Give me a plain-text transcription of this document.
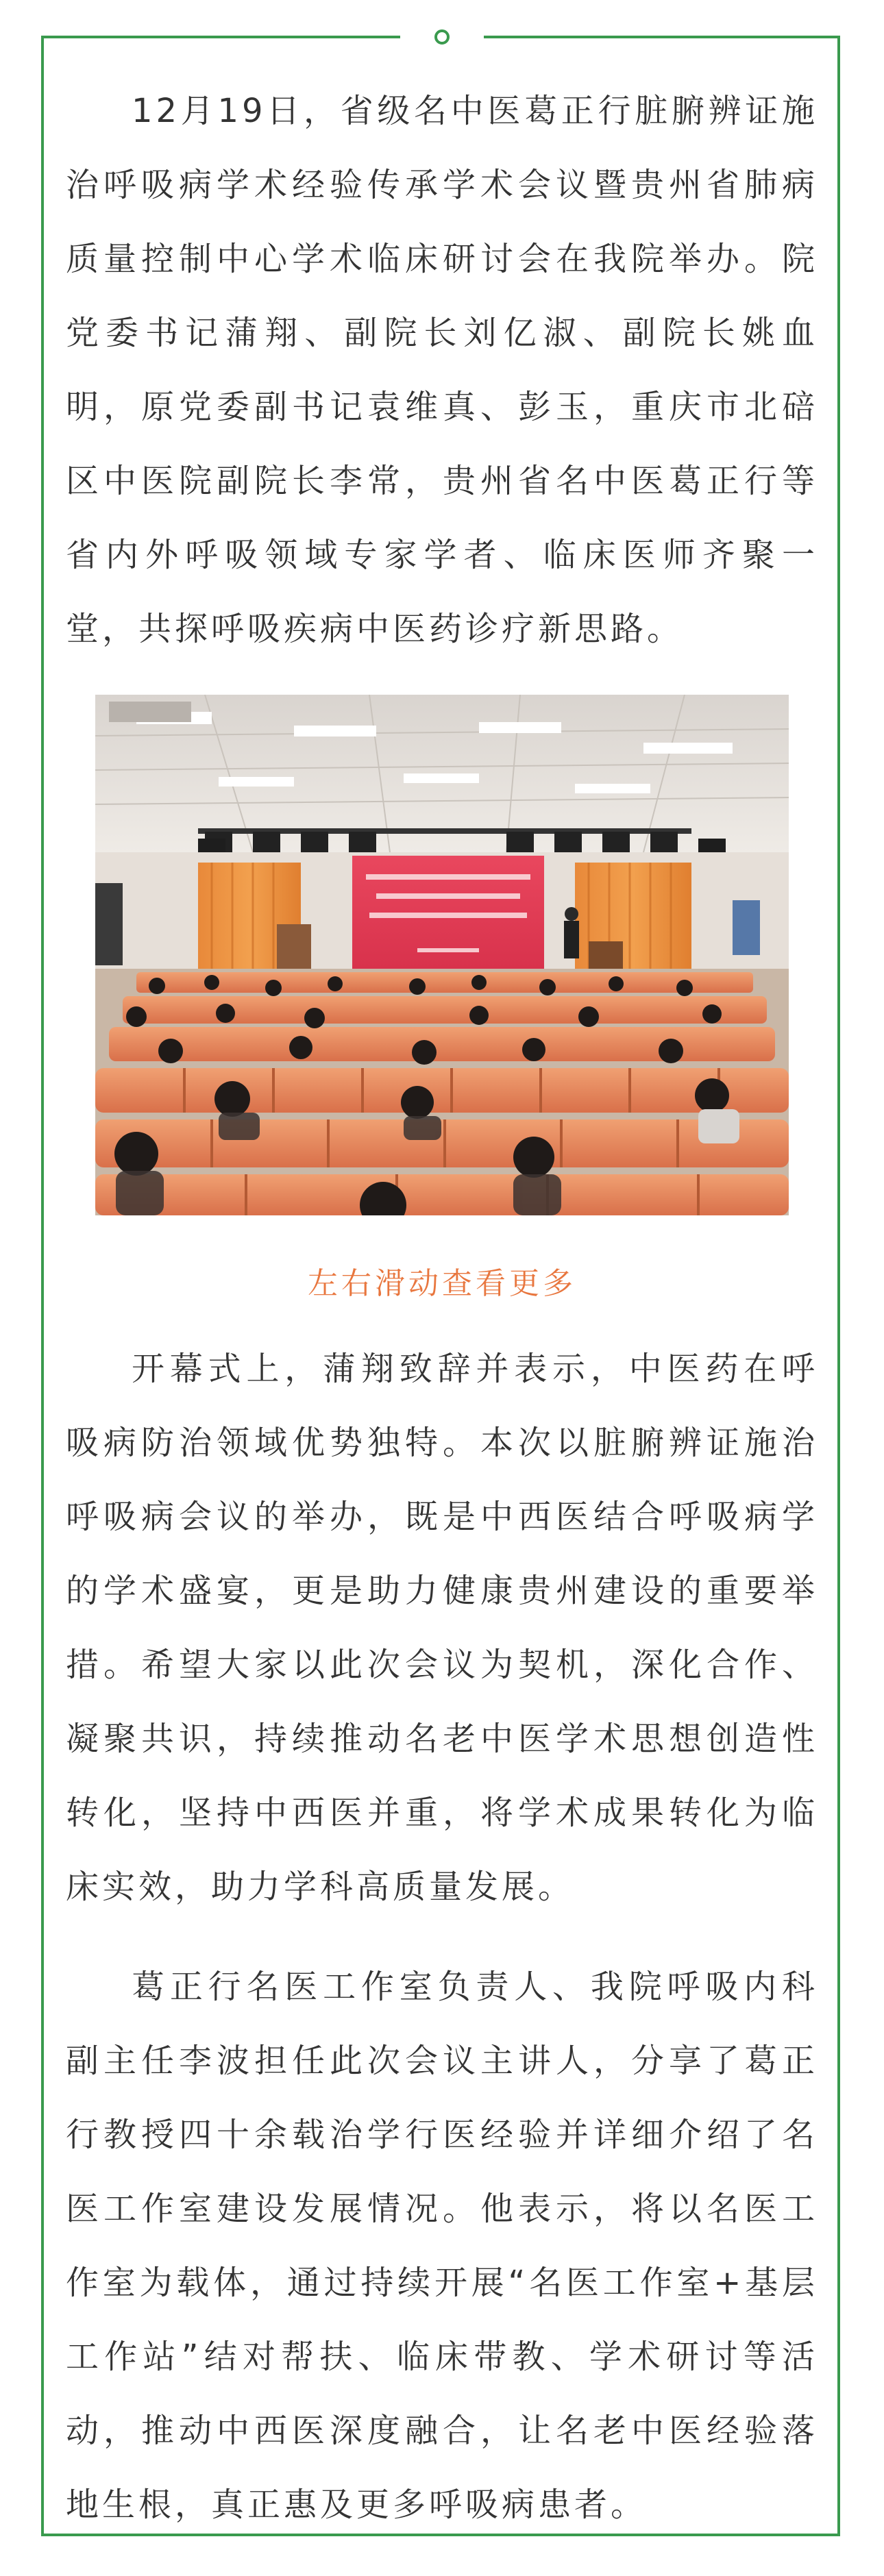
12月19日，省级名中医葛正行脏腑辨证施治呼吸病学术经验传承学术会议暨贵州省肺病质量控制中心学术临床研讨会在我院举办。院党委书记蒲翔、副院长刘亿淑、副院长姚血明，原党委副书记袁维真、彭玉，重庆市北碚区中医院副院长李常，贵州省名中医葛正行等省内外呼吸领域专家学者、临床医师齐聚一堂，共探呼吸疾病中医药诊疗新思路。

左右滑动查看更多

开幕式上，蒲翔致辞并表示，中医药在呼吸病防治领域优势独特。本次以脏腑辨证施治呼吸病会议的举办，既是中西医结合呼吸病学的学术盛宴，更是助力健康贵州建设的重要举措。希望大家以此次会议为契机，深化合作、凝聚共识，持续推动名老中医学术思想创造性转化，坚持中西医并重，将学术成果转化为临床实效，助力学科高质量发展。

葛正行名医工作室负责人、我院呼吸内科副主任李波担任此次会议主讲人，分享了葛正行教授四十余载治学行医经验并详细介绍了名医工作室建设发展情况。他表示，将以名医工作室为载体，通过持续开展“名医工作室+基层工作站”结对帮扶、临床带教、学术研讨等活动，推动中西医深度融合，让名老中医经验落地生根，真正惠及更多呼吸病患者。
